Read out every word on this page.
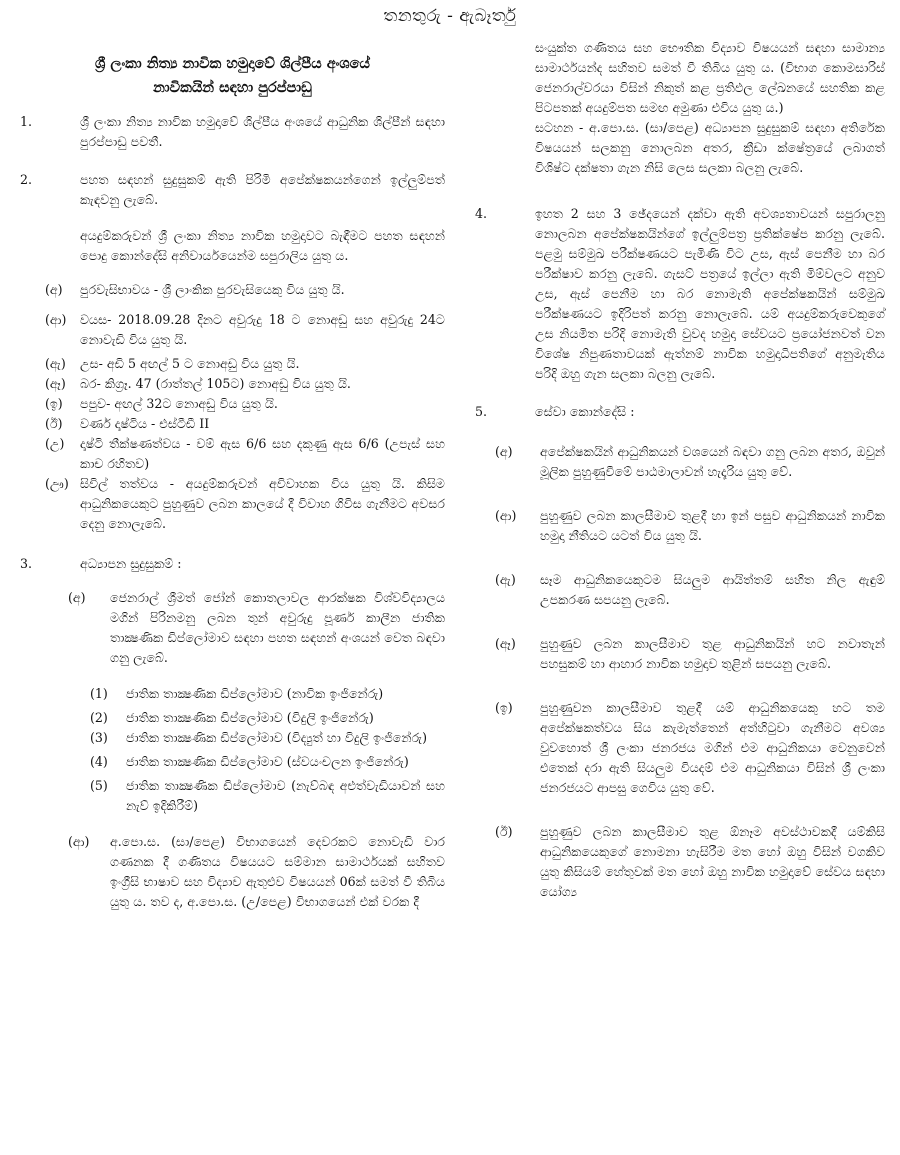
තනතුරු - ඇබෑර්තු
ශ්‍රී ලංකා නිත්‍ය නාවික හමුදාවේ ශිල්පීය අංශයේ
නාවිකයින් සඳහා පුරප්පාඩු
1.	ශ්‍රී ලංකා නිත්‍ය නාවික හමුදාවේ ශිල්පීය අංශයේ ආධුනික ශිල්පීන් සඳහා පුරප්පාඩු පවතී.
2.	පහත සඳහන් සුදුසුකම් ඇති පිරිමි අපේක්ෂකයන්ගෙන් ඉල්ලුම්පත් කැඳවනු ලැබේ.
අයදුම්කරුවන් ශ්‍රී ලංකා නිත්‍ය නාවික හමුදාවට බැඳීමට පහත සඳහන් පොදු කොන්දේසි අනිවාර්යයෙන්ම සපුරාලිය යුතු ය.
(අ)	පුරවැසිභාවය - ශ්‍රී ලාංකික පුරවැසියෙකු විය යුතු යි.
(ආ)	වයස- 2018.09.28 දිනට අවුරුදු 18 ට නොඅඩු සහ අවුරුදු 24ට නොවැඩි විය යුතු යි.
(ඇ)	උස- අඩි 5 අඟල් 5 ට නොඅඩු විය යුතු යි.
(ඈ)	බර- කිග්‍රෑ. 47 (රාත්තල් 105ට) නොඅඩු විය යුතු යි.
(ඉ)	පපුව- අඟල් 32ට නොඅඩු විය යුතු යි.
(ඊ)	වර්ණ දෘෂ්ටිය - එස්ටීඩී II
(උ)	දෘෂ්ටි තීක්ෂණත්වය - වම් ඇස 6/6 සහ දකුණු ඇස 6/6 (උපැස් සහ කාච රහිතව)
(ඌ) සිවිල් තත්වය - අයදුම්කරුවන් අවිවාහක විය යුතු යි. කිසිම ආධුනිකයෙකුට පුහුණුව ලබන කාලයේ දී විවාහ ගිවිස ගැනීමට අවසර දෙනු නොලැබේ.
3.	අධ්‍යාපන සුදුසුකම් :
(අ)	ජෙනරාල් ශ්‍රීමත් ජෝන් කොතලාවල ආරක්ෂක විශ්වවිද්‍යාලය මගින් පිරිනමනු ලබන තුන් අවුරුදු පූර්ණ කාලීන ජාතික තාක්‍ෂණික ඩිප්ලෝමාව සඳහා පහත සඳහන් අංශයන් වෙත බඳවා ගනු ලැබේ.
(1)	ජාතික තාක්‍ෂණික ඩිප්ලෝමාව (නාවික ඉංජිනේරු)
(2)	ජාතික තාක්‍ෂණික ඩිප්ලෝමාව (විදුලි ඉංජිනේරු)
(3)	ජාතික තාක්‍ෂණික ඩිප්ලෝමාව (විද්‍යුත් හා විදුලි ඉංජිනේරු)
(4)	ජාතික තාක්‍ෂණික ඩිප්ලෝමාව (ස්වයංචලන ඉංජිනේරු)
(5)	ජාතික තාක්‍ෂණික ඩිප්ලෝමාව (නැව්බඳ අළුත්වැඩියාවන් සහ නැව් ඉදිකිරීම්)
(ආ)	අ.පො.ස. (සා/පෙළ) විභාගයෙන් දෙවරකට නොවැඩි වාර ගණනක දී ගණිතය විෂයයට සම්මාන සාමාර්ථයක් සහිතව ඉංග්‍රීසි භාෂාව සහ විද්‍යාව ඇතුළුව විෂයයන් 06ක් සමත් වී තිබිය යුතු ය. තව ද, අ.පො.ස. (උ/පෙළ) විභාගයෙන් එක් වරක දී
සංයුක්ත ගණිතය සහ භෞතික විද්‍යාව විෂයයන් සඳහා සාමාන්‍ය සාමාර්ථයන්ද සහිතව සමත් වී තිබිය යුතු ය. (විභාග කොමසාරිස් ජෙනරාල්වරයා විසින් නිකුත් කළ ප්‍රතිඵල ලේඛනයේ සහතික කළ පිටපතක් අයදුම්පත සමඟ අමුණා එවිය යුතු ය.)
සටහන - අ.පො.ස. (සා/පෙළ) අධ්‍යාපන සුදුසුකම් සඳහා අතිරේක විෂයයන් සලකනු නොලබන අතර, ක්‍රීඩා ක්ෂේත්‍රයේ ලබාගත් විශිෂ්ට දක්ෂතා ගැන නිසි ලෙස සලකා බලනු ලැබේ.
4.	ඉහත 2 සහ 3 ඡේදයෙන් දක්වා ඇති අවශ්‍යතාවයන් සපුරාලනු නොලබන අපේක්ෂකයින්ගේ ඉල්ලුම්පත්‍ර ප්‍රතික්ෂේප කරනු ලැබේ. පළමු සම්මුඛ පරීක්ෂණයට පැමිණි විට උස, ඇස් පෙනීම හා බර පරීක්ෂාව කරනු ලැබේ. ගැසට් පත්‍රයේ ඉල්ලා ඇති මිම්වලට අනුව උස, ඇස් පෙනීම හා බර නොමැති අපේක්ෂකයින් සම්මුඛ පරීක්ෂණයට ඉදිරිපත් කරනු නොලැබේ. යම් අයදුම්කරුවෙකුගේ උස නියමිත පරිදි නොමැති වුවද හමුදා සේවයට ප්‍රයෝජනවත් වන විශේෂ නිපුණතාවයක් ඇත්නම් නාවික හමුදාධිපතිගේ අනුමැතිය පරිදි ඔහු ගැන සලකා බලනු ලැබේ.
5.	සේවා කොන්දේසි :
(අ)	අපේක්ෂකයින් ආධුනිකයන් වශයෙන් බඳවා ගනු ලබන අතර, ඔවුන් මූලික පුහුණුවීමේ පාඨමාලාවන් හැදෑරිය යුතු වේ.
(ආ)	පුහුණුව ලබන කාලසීමාව තුළදී හා ඉන් පසුව ආධුනිකයන් නාවික හමුදා නීතියට යටත් විය යුතු යි.
(ඇ)	සෑම ආධුනිකයෙකුටම සියලුම ආයිත්තම් සහිත නිල ඇඳුම් උපකරණ සපයනු ලැබේ.
(ඈ)	පුහුණුව ලබන කාලසීමාව තුළ ආධුනිකයින් හට නවාතැන් පහසුකම් හා ආහාර නාවික හමුදාව තුළින් සපයනු ලැබේ.
(ඉ)	පුහුණුවන කාලසීමාව තුළදී යම් ආධුනිකයෙකු හට තම අපේක්ෂකත්වය සිය කැමැත්තෙන් අත්හිටුවා ගැනීමට අවශ්‍ය වුවහොත් ශ්‍රී ලංකා ජනරජය මගින් එම ආධුනිකයා වෙනුවෙන් එතෙක් දරා ඇති සියලුම වියදම් එම ආධුනිකයා විසින් ශ්‍රී ලංකා ජනරජයට ආපසු ගෙවිය යුතු වේ.
(ඊ)	පුහුණුව ලබන කාලසීමාව තුළ ඕනෑම අවස්ථාවකදී යම්කිසි ආධුනිකයෙකුගේ නොමනා හැසිරීම මත හෝ ඔහු විසින් වගකිව යුතු කිසියම් හේතුවක් මත හෝ ඔහු නාවික හමුදාවේ සේවය සඳහා යෝග්‍ය
